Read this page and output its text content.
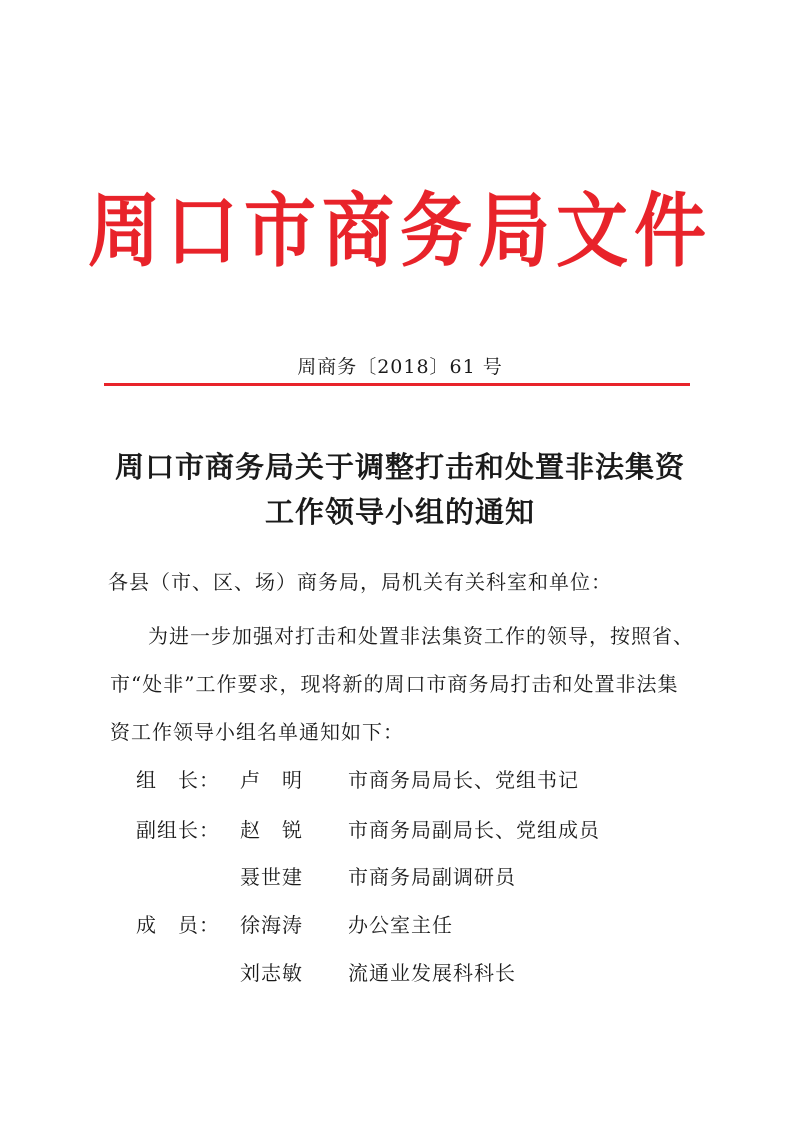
周口市商务局文件
周商务〔2018〕61 号
周口市商务局关于调整打击和处置非法集资
工作领导小组的通知

各县（市、区、场）商务局，局机关有关科室和单位：

为进一步加强对打击和处置非法集资工作的领导，按照省、

市“处非”工作要求，现将新的周口市商务局打击和处置非法集

资工作领导小组名单通知如下：

组　长： 卢　明 市商务局局长、党组书记
副组长： 赵　锐 市商务局副局长、党组成员
聂世建 市商务局副调研员
成　员： 徐海涛 办公室主任
刘志敏 流通业发展科科长
